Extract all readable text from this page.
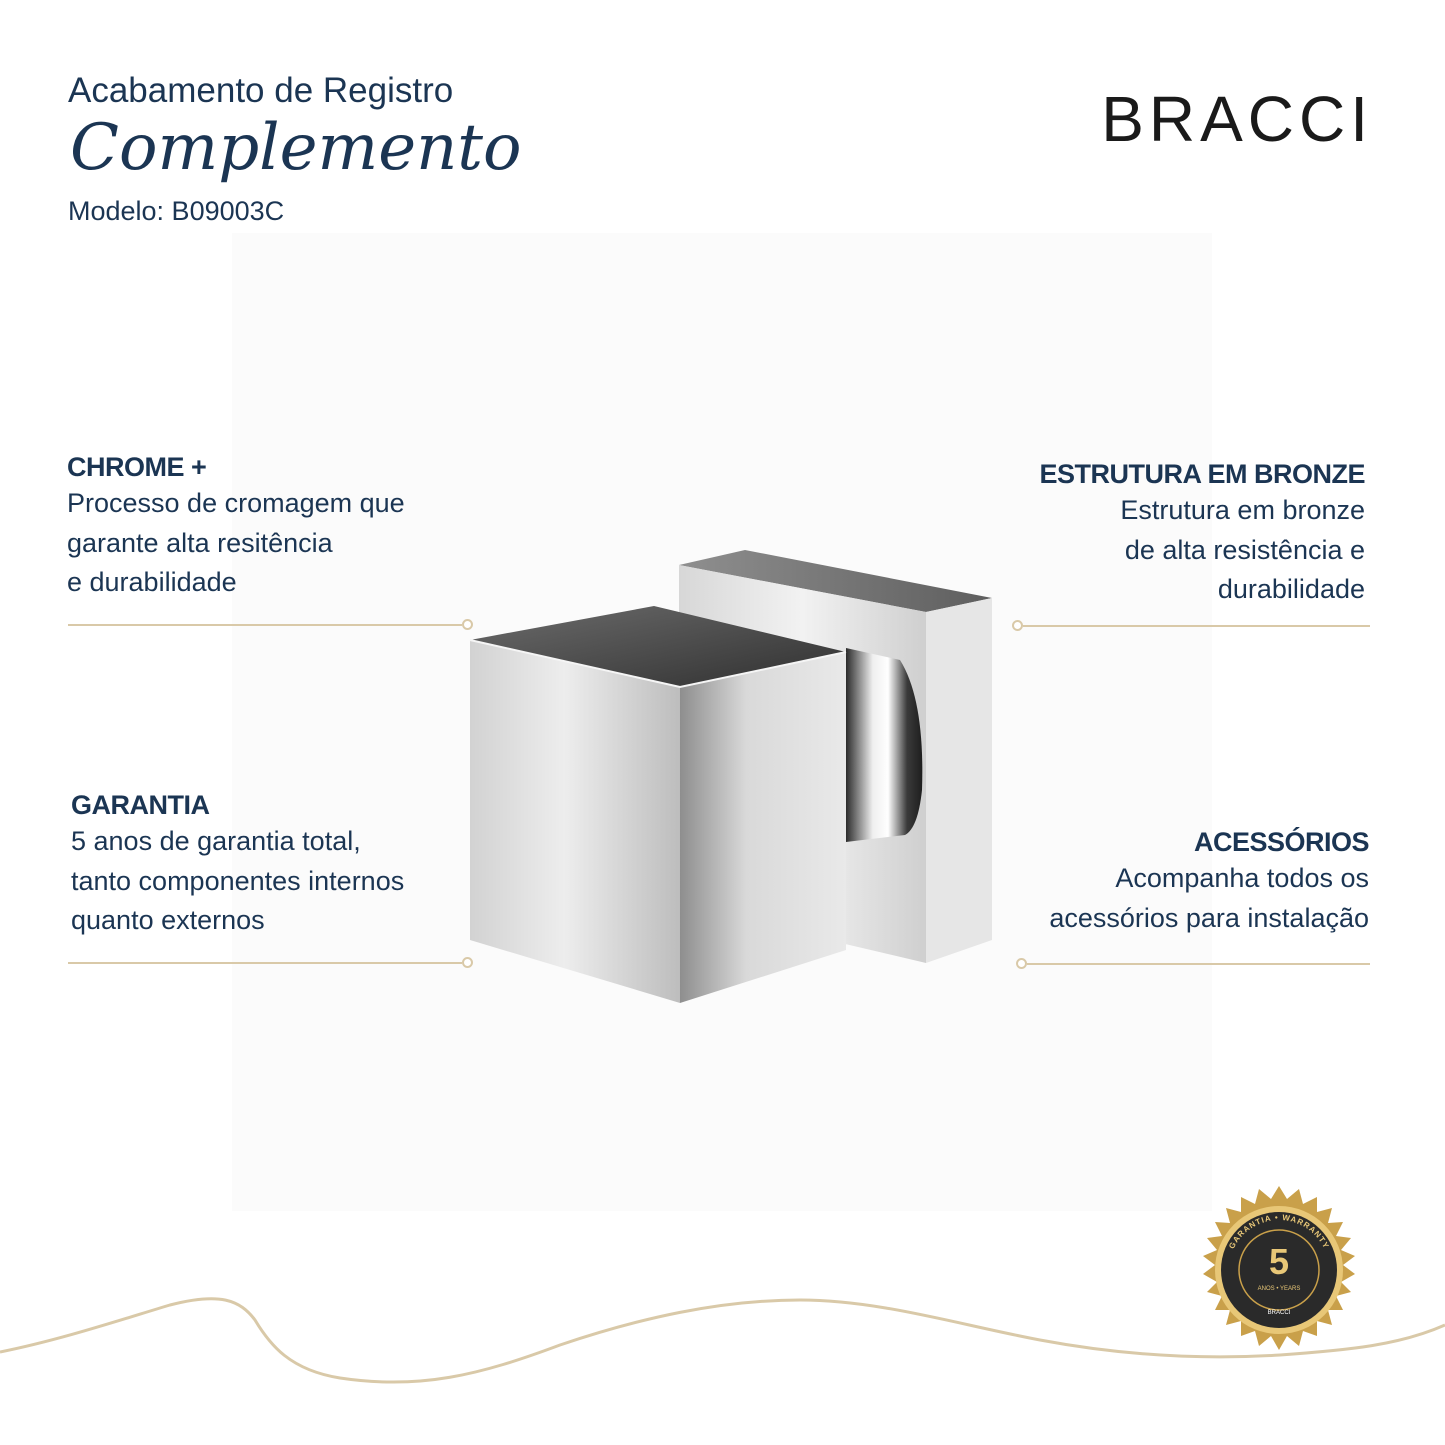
Acabamento de Registro
Complemento
Modelo: B09003C
BRACCI
CHROME +
Processo de cromagem que
garante alta resitência
e durabilidade
ESTRUTURA EM BRONZE
Estrutura em bronze
de alta resistência e
durabilidade
GARANTIA
5 anos de garantia total,
tanto componentes internos
quanto externos
ACESSÓRIOS
Acompanha todos os
acessórios para instalação
GARANTIA • WARRANTY
5
ANOS • YEARS
BRACCI
